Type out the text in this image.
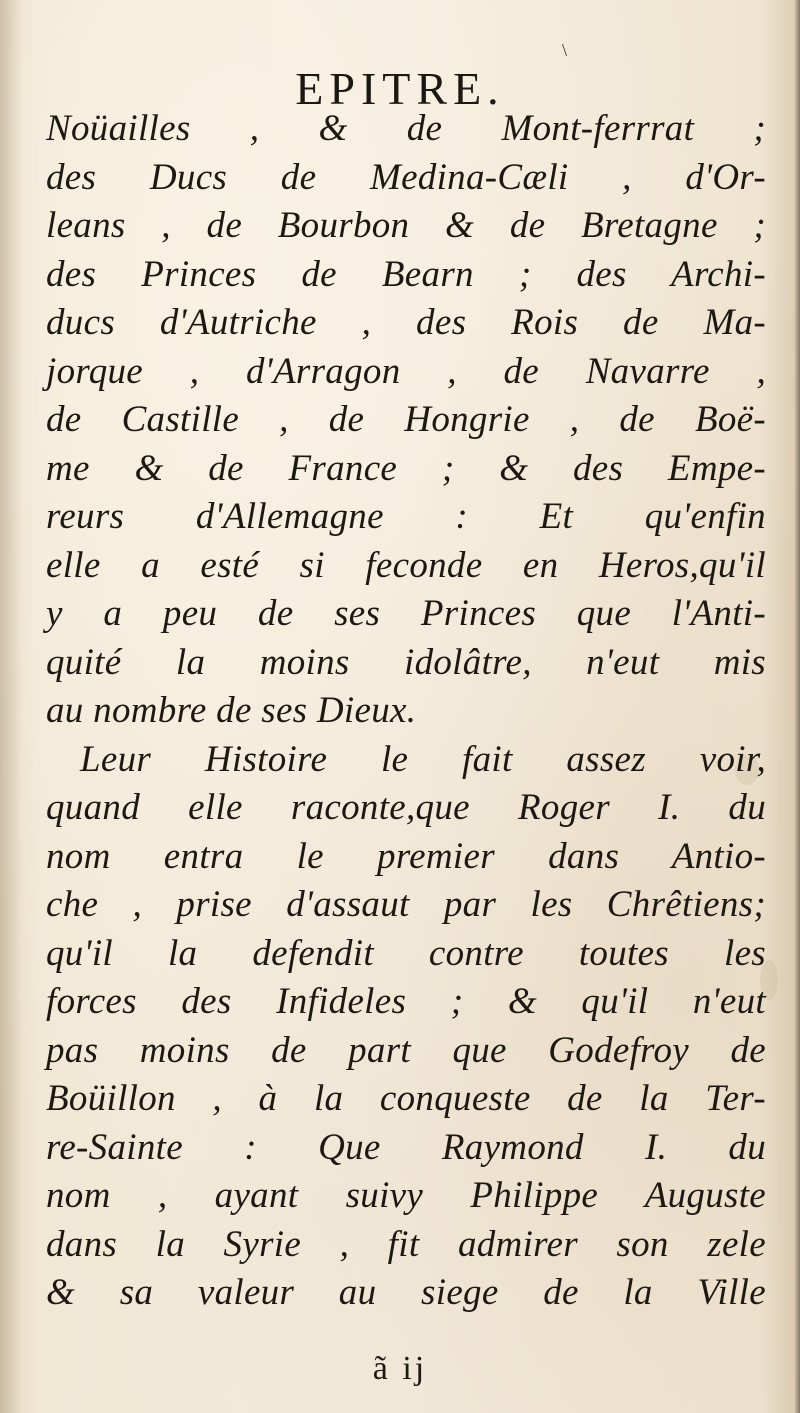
\
EPITRE.
Noüailles , & de Mont-ferrrat ;
des Ducs de Medina-Cæli , d'Or-
leans , de Bourbon & de Bretagne ;
des Princes de Bearn ; des Archi-
ducs d'Autriche , des Rois de Ma-
jorque , d'Arragon , de Navarre ,
de Castille , de Hongrie , de Boë-
me & de France ; & des Empe-
reurs d'Allemagne : Et qu'enfin
elle a esté si feconde en Heros,qu'il
y a peu de ses Princes que l'Anti-
quité la moins idolâtre, n'eut mis
au nombre de ses Dieux.
Leur Histoire le fait assez voir,
quand elle raconte,que Roger I. du
nom entra le premier dans Antio-
che , prise d'assaut par les Chrêtiens;
qu'il la defendit contre toutes les
forces des Infideles ; & qu'il n'eut
pas moins de part que Godefroy de
Boüillon , à la conqueste de la Ter-
re-Sainte : Que Raymond I. du
nom , ayant suivy Philippe Auguste
dans la Syrie , fit admirer son zele
& sa valeur au siege de la Ville
ã ij
